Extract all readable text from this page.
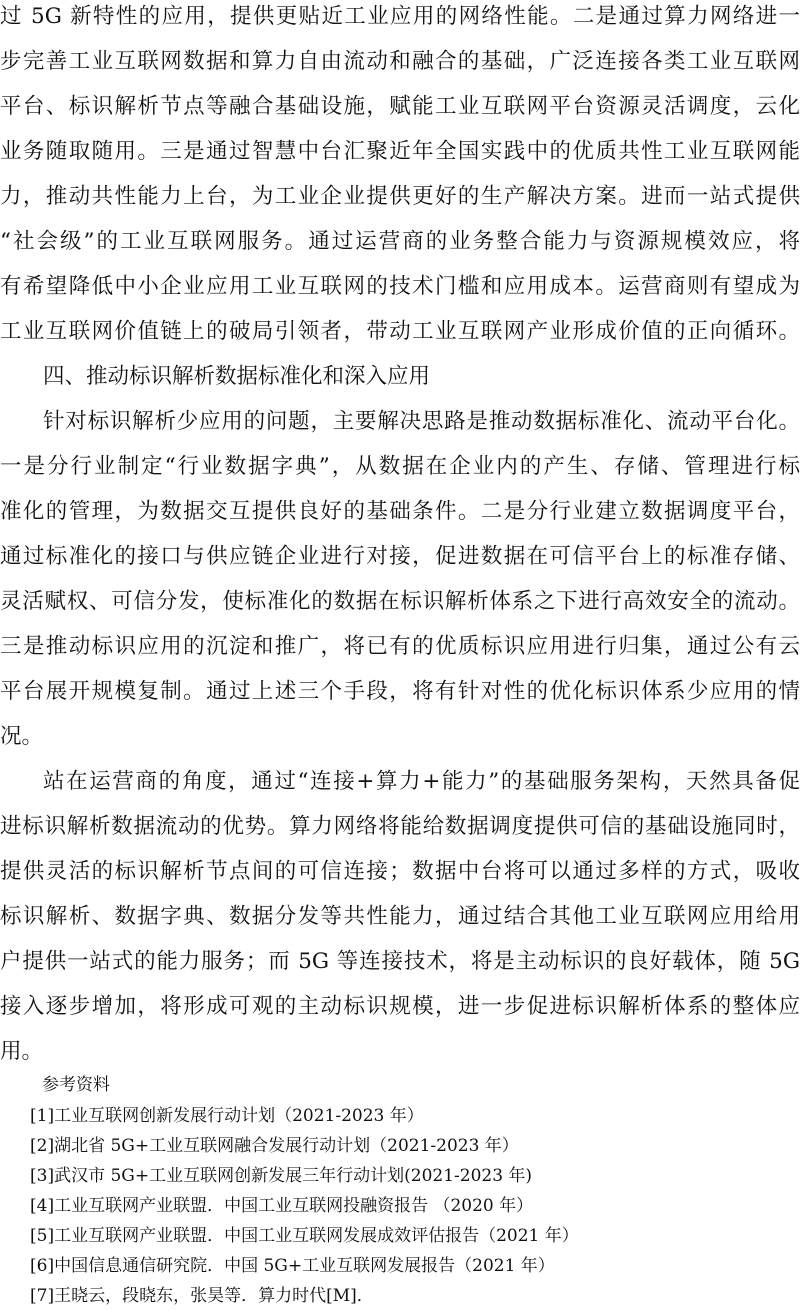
过 5G 新特性的应用，提供更贴近工业应用的网络性能。二是通过算力网络进一
步完善工业互联网数据和算力自由流动和融合的基础，广泛连接各类工业互联网
平台、标识解析节点等融合基础设施，赋能工业互联网平台资源灵活调度，云化
业务随取随用。三是通过智慧中台汇聚近年全国实践中的优质共性工业互联网能
力，推动共性能力上台，为工业企业提供更好的生产解决方案。进而一站式提供
“社会级”的工业互联网服务。通过运营商的业务整合能力与资源规模效应，将
有希望降低中小企业应用工业互联网的技术门槛和应用成本。运营商则有望成为
工业互联网价值链上的破局引领者，带动工业互联网产业形成价值的正向循环。
四、推动标识解析数据标准化和深入应用
针对标识解析少应用的问题，主要解决思路是推动数据标准化、流动平台化。
一是分行业制定“行业数据字典”，从数据在企业内的产生、存储、管理进行标
准化的管理，为数据交互提供良好的基础条件。二是分行业建立数据调度平台，
通过标准化的接口与供应链企业进行对接，促进数据在可信平台上的标准存储、
灵活赋权、可信分发，使标准化的数据在标识解析体系之下进行高效安全的流动。
三是推动标识应用的沉淀和推广，将已有的优质标识应用进行归集，通过公有云
平台展开规模复制。通过上述三个手段，将有针对性的优化标识体系少应用的情
况。
站在运营商的角度，通过“连接+算力+能力”的基础服务架构，天然具备促
进标识解析数据流动的优势。算力网络将能给数据调度提供可信的基础设施同时，
提供灵活的标识解析节点间的可信连接；数据中台将可以通过多样的方式，吸收
标识解析、数据字典、数据分发等共性能力，通过结合其他工业互联网应用给用
户提供一站式的能力服务；而 5G 等连接技术，将是主动标识的良好载体，随 5G
接入逐步增加，将形成可观的主动标识规模，进一步促进标识解析体系的整体应
用。
参考资料
[1]工业互联网创新发展行动计划（2021-2023 年）
[2]湖北省 5G+工业互联网融合发展行动计划（2021-2023 年）
[3]武汉市 5G+工业互联网创新发展三年行动计划(2021-2023 年)
[4]工业互联网产业联盟．中国工业互联网投融资报告 （2020 年）
[5]工业互联网产业联盟．中国工业互联网发展成效评估报告（2021 年）
[6]中国信息通信研究院．中国 5G+工业互联网发展报告（2021 年）
[7]王晓云，段晓东，张昊等．算力时代[M]．
